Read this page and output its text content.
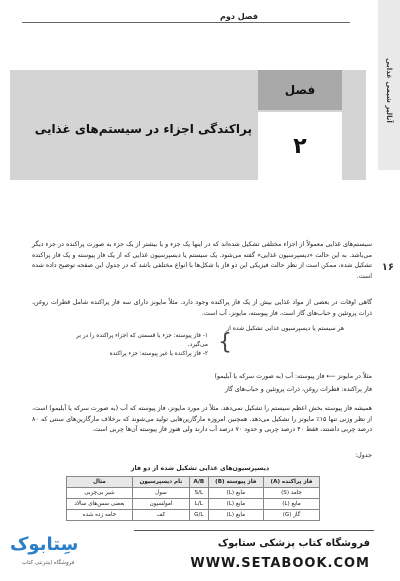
فصل دوم
آنالیز شیمی غذایی
فصل
۲
پراکندگی اجزاء در سیستم‌های غذایی
۱۶
سیستم‌های غذایی معمولاً از اجزاء مختلفی تشکیل شده‌اند که در اینها یک جزء و یا بیشتر از یک جزء به صورت پراکنده در جزء دیگر می‌باشد. به این حالت «دیسپرسیون غذایی» گفته می‌شود. یک سیستم یا دیسپرسیون غذایی که از یک فاز پیوسته و یک فاز پراکنده تشکیل شده، ممکن است از نظر حالت فیزیکی این دو فاز با شکل‌ها با انواع مختلفی باشد که در جدول این صفحه توضیح داده شده است.
گاهی اوقات در بعضی از مواد غذایی بیش از یک فاز پراکنده وجود دارد. مثلاً مایونز دارای سه فاز پراکنده شامل قطرات روغن، ذرات پروتئین و حباب‌های گاز است، فاز پیوسته، مایونز، آب است.
هر سیستم یا دیسپرسیون غذایی تشکیل شده از
{
۱- فاز پیوسته: جزء یا قسمتی که اجزاء پراکنده را در بر می‌گیرد.
۲- فاز پراکنده یا غیر پیوسته: جزء پراکنده
مثلاً در مایونز ⟵ فاز پیوسته: آب (به صورت سرکه یا آبلیمو)
فاز پراکنده: قطرات روغن، ذرات پروتئین و حباب‌های گاز
همیشه فاز پیوسته بخش اعظم سیستم را تشکیل نمی‌دهد. مثلاً در مورد مایونز، فاز پیوسته که آب (به صورت سرکه یا آبلیمو) است، از نظر وزنی تنها ۱۵٪ مایونز را تشکیل می‌دهد. همچنین امروزه مارگارین‌هایی تولید می‌شوند که برخلاف مارگارین‌های سنتی که ۸۰ درصد چربی داشتند، فقط ۴۰ درصد چربی و حدود ۷۰ درصد آب دارند ولی هنوز فاز پیوسته آن‌ها چربی است.
جدول:
دیسپرسیون‌های غذایی تشکیل شده از دو فاز
فاز پراکنده (A)	فاز پیوسته (B)	A/B	نام دیسپرسیون	مثال
جامد (S)	مایع (L)	S/L	سول	شیر بی‌چربی
مایع (L)	مایع (L)	L/L	امولسیون	بعضی سس‌های سالاد
گاز (G)	مایع (L)	G/L	کف	خامه زده شده
سِتابوک
فروشگاه اینترنتی کتاب
فروشگاه کتاب پزشکی ستابوک
WWW.SETABOOK.COM
